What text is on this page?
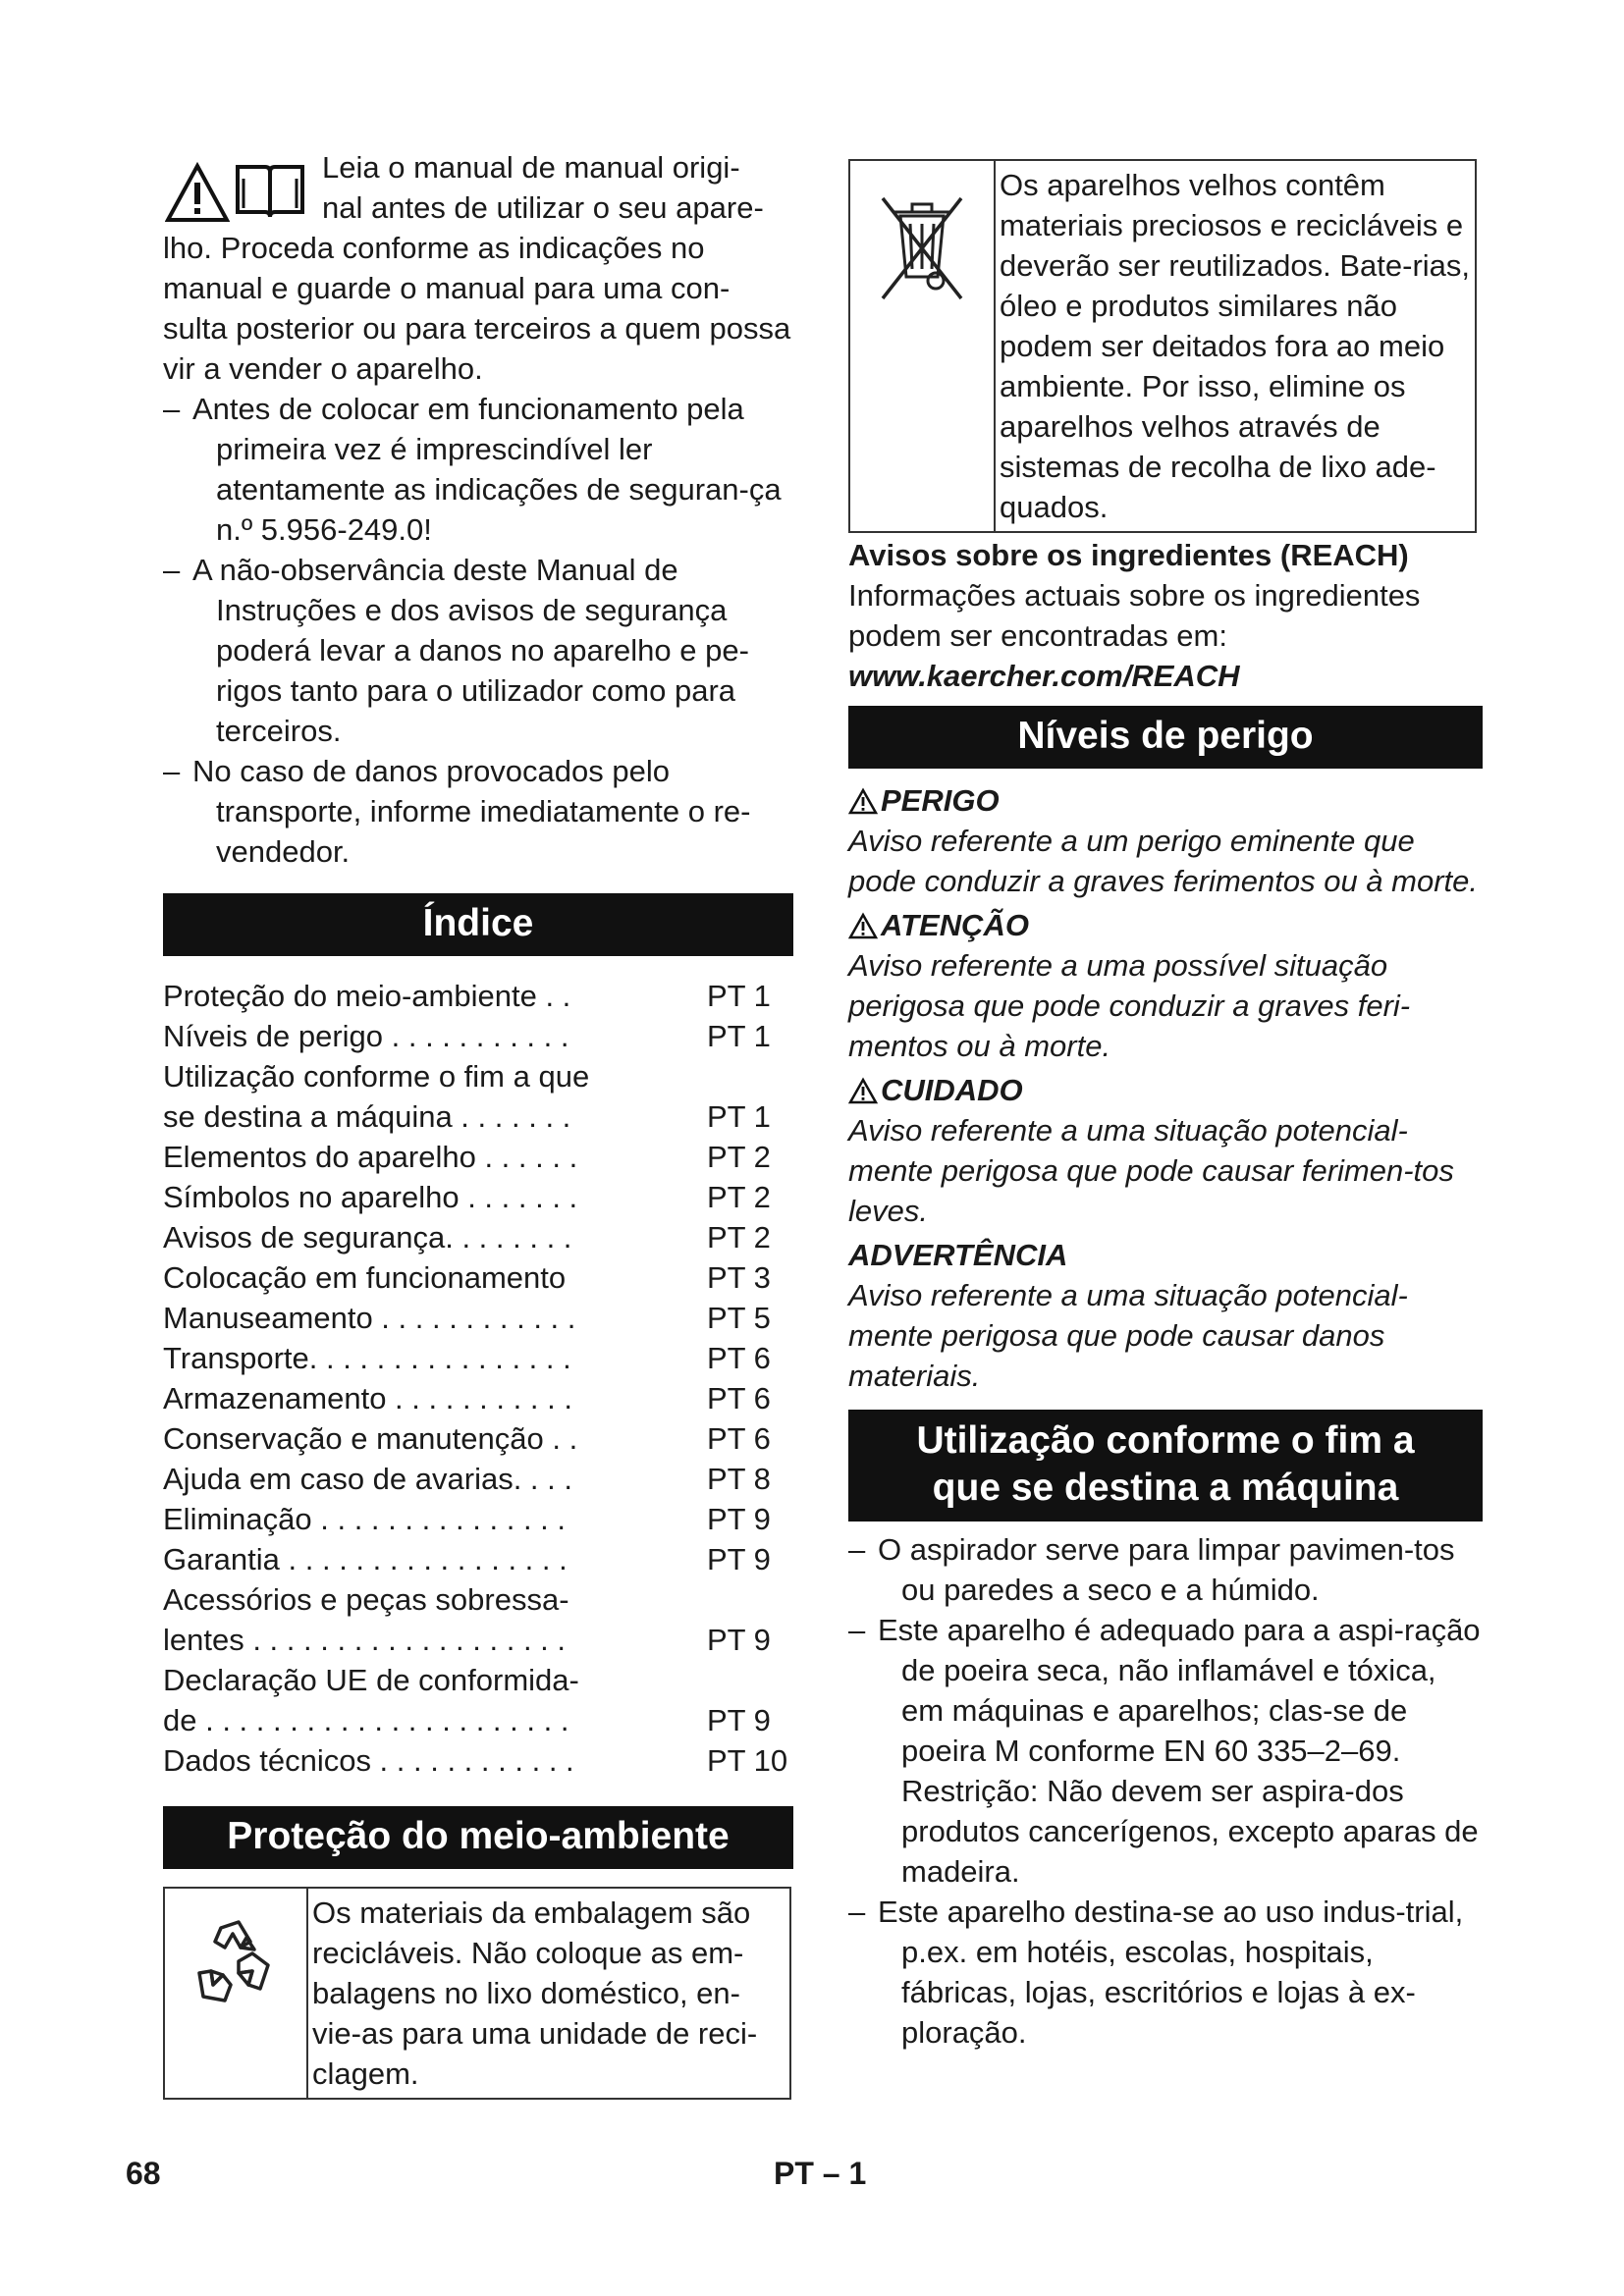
Leia o manual de manual origi-

nal antes de utilizar o seu apare-

lho. Proceda conforme as indicações no manual e guarde o manual para uma con-sulta posterior ou para terceiros a quem possa vir a vender o aparelho.

– Antes de colocar em funcionamento pela primeira vez é imprescindível ler atentamente as indicações de seguran-ça n.º 5.956-249.0!

– A não-observância deste Manual de Instruções e dos avisos de segurança poderá levar a danos no aparelho e pe-rigos tanto para o utilizador como para terceiros.

– No caso de danos provocados pelo transporte, informe imediatamente o re-vendedor.

Índice
Proteção do meio-ambiente . .	PT 1
Níveis de perigo . . . . . . . . . . .	PT 1
Utilização conforme o fim a que
se destina a máquina . . . . . . .	PT 1
Elementos do aparelho . . . . . .	PT 2
Símbolos no aparelho . . . . . . .	PT 2
Avisos de segurança. . . . . . . .	PT 2
Colocação em funcionamento	PT 3
Manuseamento . . . . . . . . . . . .	PT 5
Transporte. . . . . . . . . . . . . . . .	PT 6
Armazenamento . . . . . . . . . . .	PT 6
Conservação e manutenção . .	PT 6
Ajuda em caso de avarias. . . .	PT 8
Eliminação . . . . . . . . . . . . . . .	PT 9
Garantia . . . . . . . . . . . . . . . . .	PT 9
Acessórios e peças sobressa-
lentes . . . . . . . . . . . . . . . . . . .	PT 9
Declaração UE de conformida-
de . . . . . . . . . . . . . . . . . . . . . .	PT 9
Dados técnicos . . . . . . . . . . . .	PT 10
Proteção do meio-ambiente
Os materiais da embalagem são recicláveis. Não coloque as em-balagens no lixo doméstico, en-vie-as para uma unidade de reci-clagem.
Os aparelhos velhos contêm materiais preciosos e recicláveis e deverão ser reutilizados. Bate-rias, óleo e produtos similares não podem ser deitados fora ao meio ambiente. Por isso, elimine os aparelhos velhos através de sistemas de recolha de lixo ade-quados.

Avisos sobre os ingredientes (REACH)

Informações actuais sobre os ingredientes podem ser encontradas em:

www.kaercher.com/REACH

Níveis de perigo
PERIGO

Aviso referente a um perigo eminente que pode conduzir a graves ferimentos ou à morte.

ATENÇÃO

Aviso referente a uma possível situação perigosa que pode conduzir a graves feri-mentos ou à morte.

CUIDADO

Aviso referente a uma situação potencial-mente perigosa que pode causar ferimen-tos leves.

ADVERTÊNCIA

Aviso referente a uma situação potencial-mente perigosa que pode causar danos materiais.

Utilização conforme o fim a
que se destina a máquina

– O aspirador serve para limpar pavimen-tos ou paredes a seco e a húmido.

– Este aparelho é adequado para a aspi-ração de poeira seca, não inflamável e tóxica, em máquinas e aparelhos; clas-se de poeira M conforme EN 60 335–2–69. Restrição: Não devem ser aspira-dos produtos cancerígenos, excepto aparas de madeira.

– Este aparelho destina-se ao uso indus-trial, p.ex. em hotéis, escolas, hospitais, fábricas, lojas, escritórios e lojas à ex-ploração.

68	PT – 1
